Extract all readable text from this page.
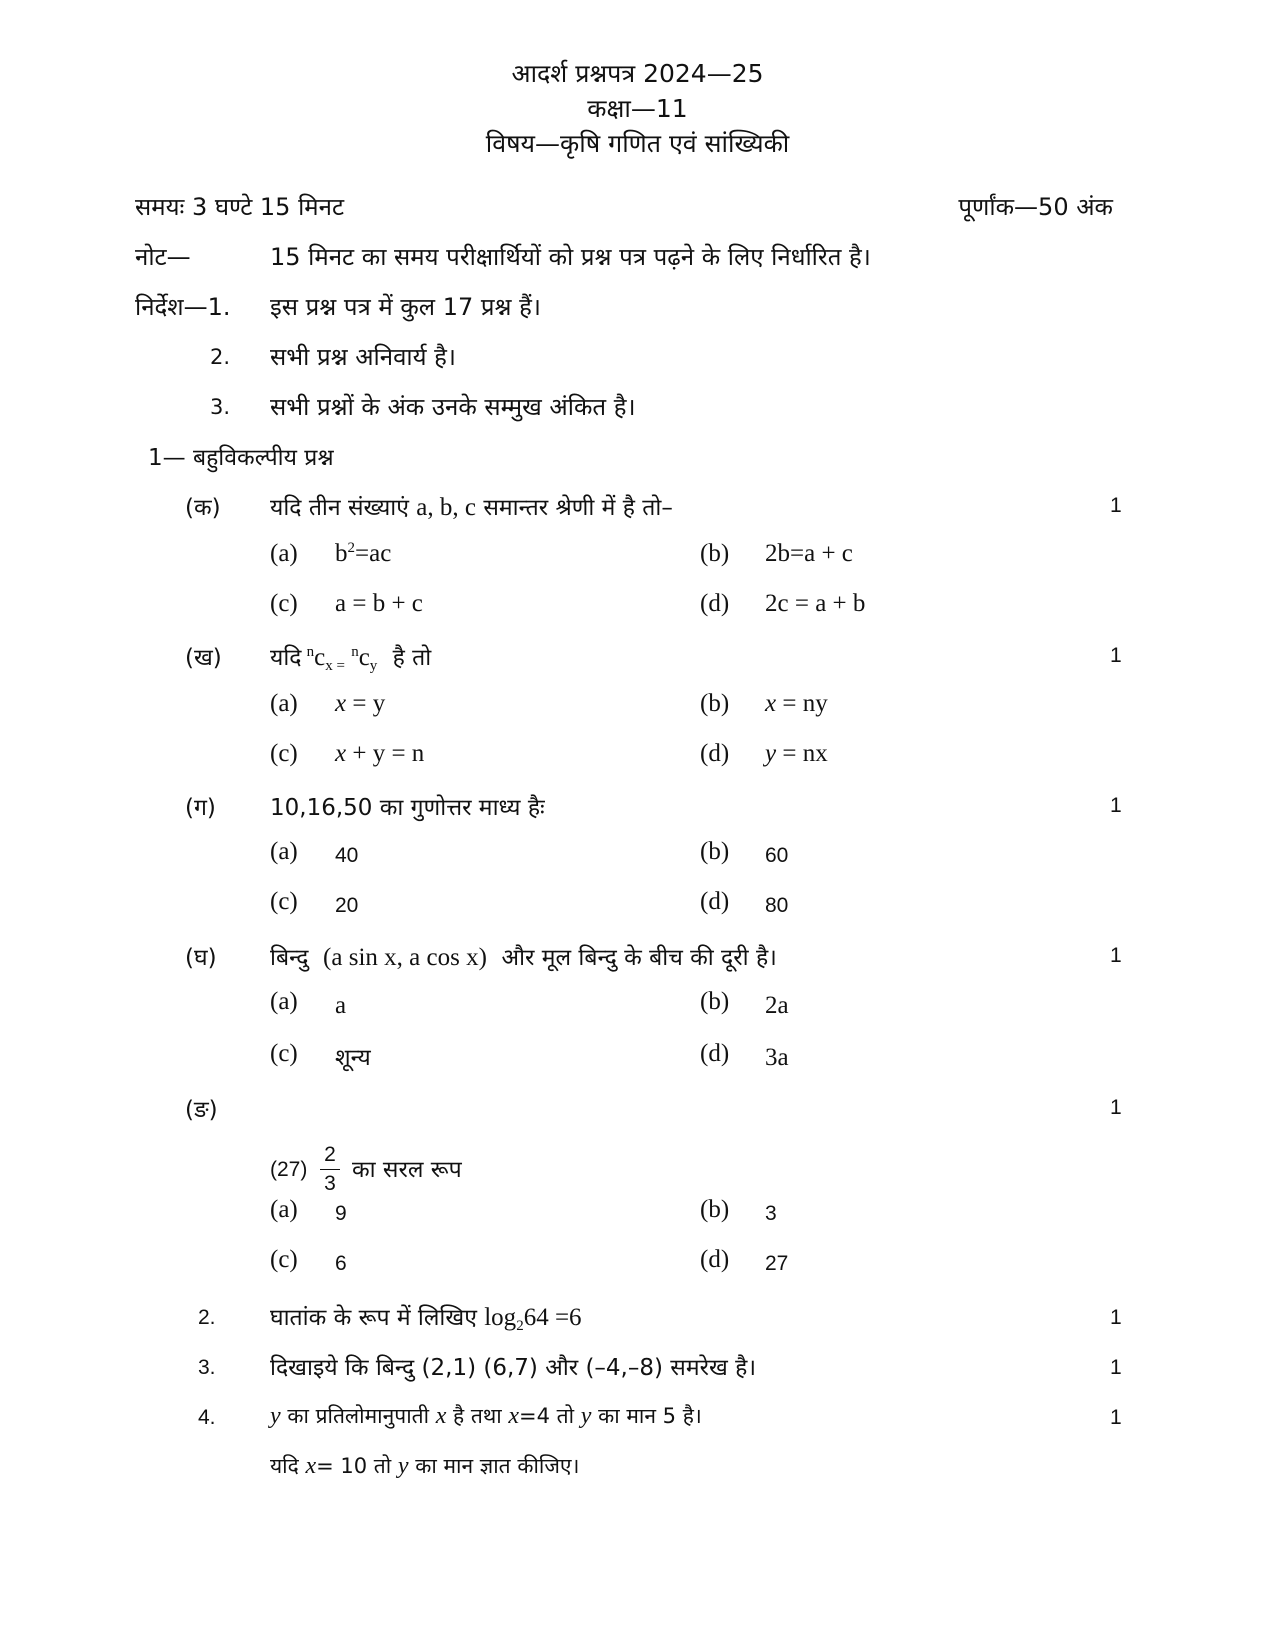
आदर्श प्रश्नपत्र 2024—25
कक्षा—11
विषय—कृषि गणित एवं सांख्यिकी
समयः 3 घण्टे 15 मिनट	पूर्णांक—50 अंक
नोट—	15 मिनट का समय परीक्षार्थियों को प्रश्न पत्र पढ़ने के लिए निर्धारित है।
निर्देश—1. इस प्रश्न पत्र में कुल 17 प्रश्न हैं।
2. सभी प्रश्न अनिवार्य है।
3. सभी प्रश्नों के अंक उनके सम्मुख अंकित है।
1— बहुविकल्पीय प्रश्न
(क) यदि तीन संख्याएं a, b, c समान्तर श्रेणी में है तो–	1
(a) $b^2=ac$	(b) 2b=a + c
(c) a = b + c	(d) 2c = a + b
(ख) यदि $^nc_{x =}$ $^nc_y$ है तो	1
(a) x = y	(b) x = ny
(c) x + y = n	(d) y = nx
(ग) 10,16,50 का गुणोत्तर माध्य हैः	1
(a) 40	(b) 60
(c) 20	(d) 80
(घ) बिन्दु (a sin x, a cos x) और मूल बिन्दु के बीच की दूरी है।	1
(a) a	(b) 2a
(c) शून्य	(d) 3a
(ङ)
(27)
2
3
का सरल रूप
1
(a) 9	(b) 3
(c) 6	(d) 27
2. घातांक के रूप में लिखिए $\log_264 =6$	1
3. दिखाइये कि बिन्दु (2,1) (6,7) और (–4,–8) समरेख है।	1
4. y का प्रतिलोमानुपाती x है तथा x=4 तो y का मान 5 है।	1
यदि x= 10 तो y का मान ज्ञात कीजिए।
